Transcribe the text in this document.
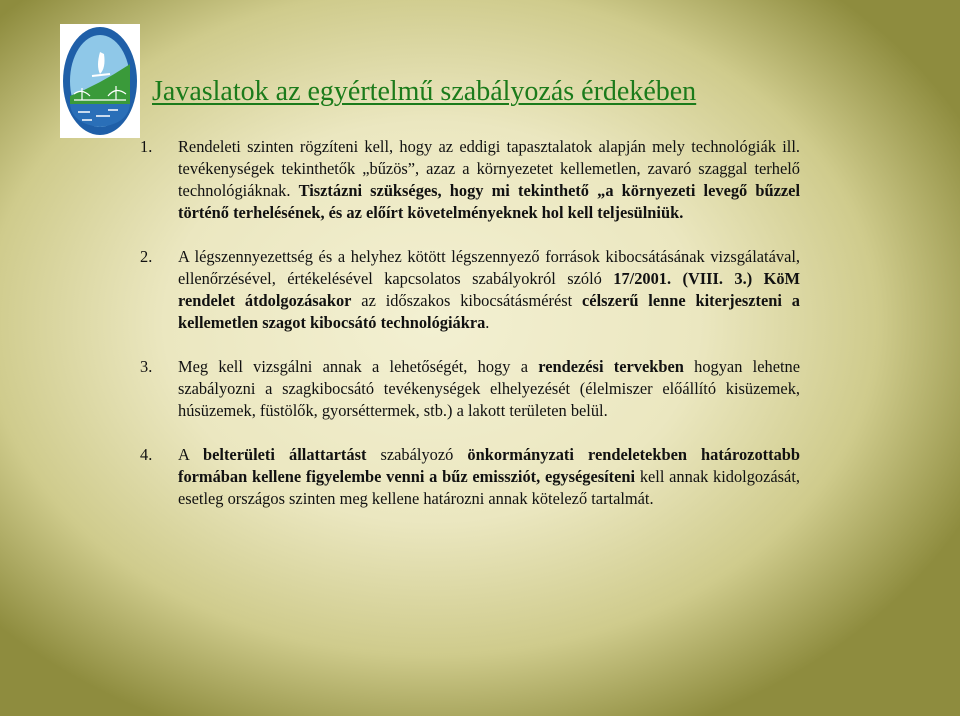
Javaslatok az egyértelmű szabályozás érdekében
1.	Rendeleti szinten rögzíteni kell, hogy az eddigi tapasztalatok alapján mely technológiák ill. tevékenységek tekinthetők „bűzös”, azaz a környezetet kellemetlen, zavaró szaggal terhelő technológiáknak. Tisztázni szükséges, hogy mi tekinthető „a környezeti levegő bűzzel történő terhelésének, és az előírt követelményeknek hol kell teljesülniük.
2.	A légszennyezettség és a helyhez kötött légszennyező források kibocsátásának vizsgálatával, ellenőrzésével, értékelésével kapcsolatos szabályokról szóló 17/2001. (VIII. 3.) KöM rendelet átdolgozásakor az időszakos kibocsátásmérést célszerű lenne kiterjeszteni a kellemetlen szagot kibocsátó technológiákra.
3.	Meg kell vizsgálni annak a lehetőségét, hogy a rendezési tervekben hogyan lehetne szabályozni a szagkibocsátó tevékenységek elhelyezését (élelmiszer előállító kisüzemek, húsüzemek, füstölők, gyorséttermek, stb.) a lakott területen belül.
4.	A belterületi állattartást szabályozó önkormányzati rendeletekben határozottabb formában kellene figyelembe venni a bűz emissziót, egységesíteni kell annak kidolgozását, esetleg országos szinten meg kellene határozni annak kötelező tartalmát.
